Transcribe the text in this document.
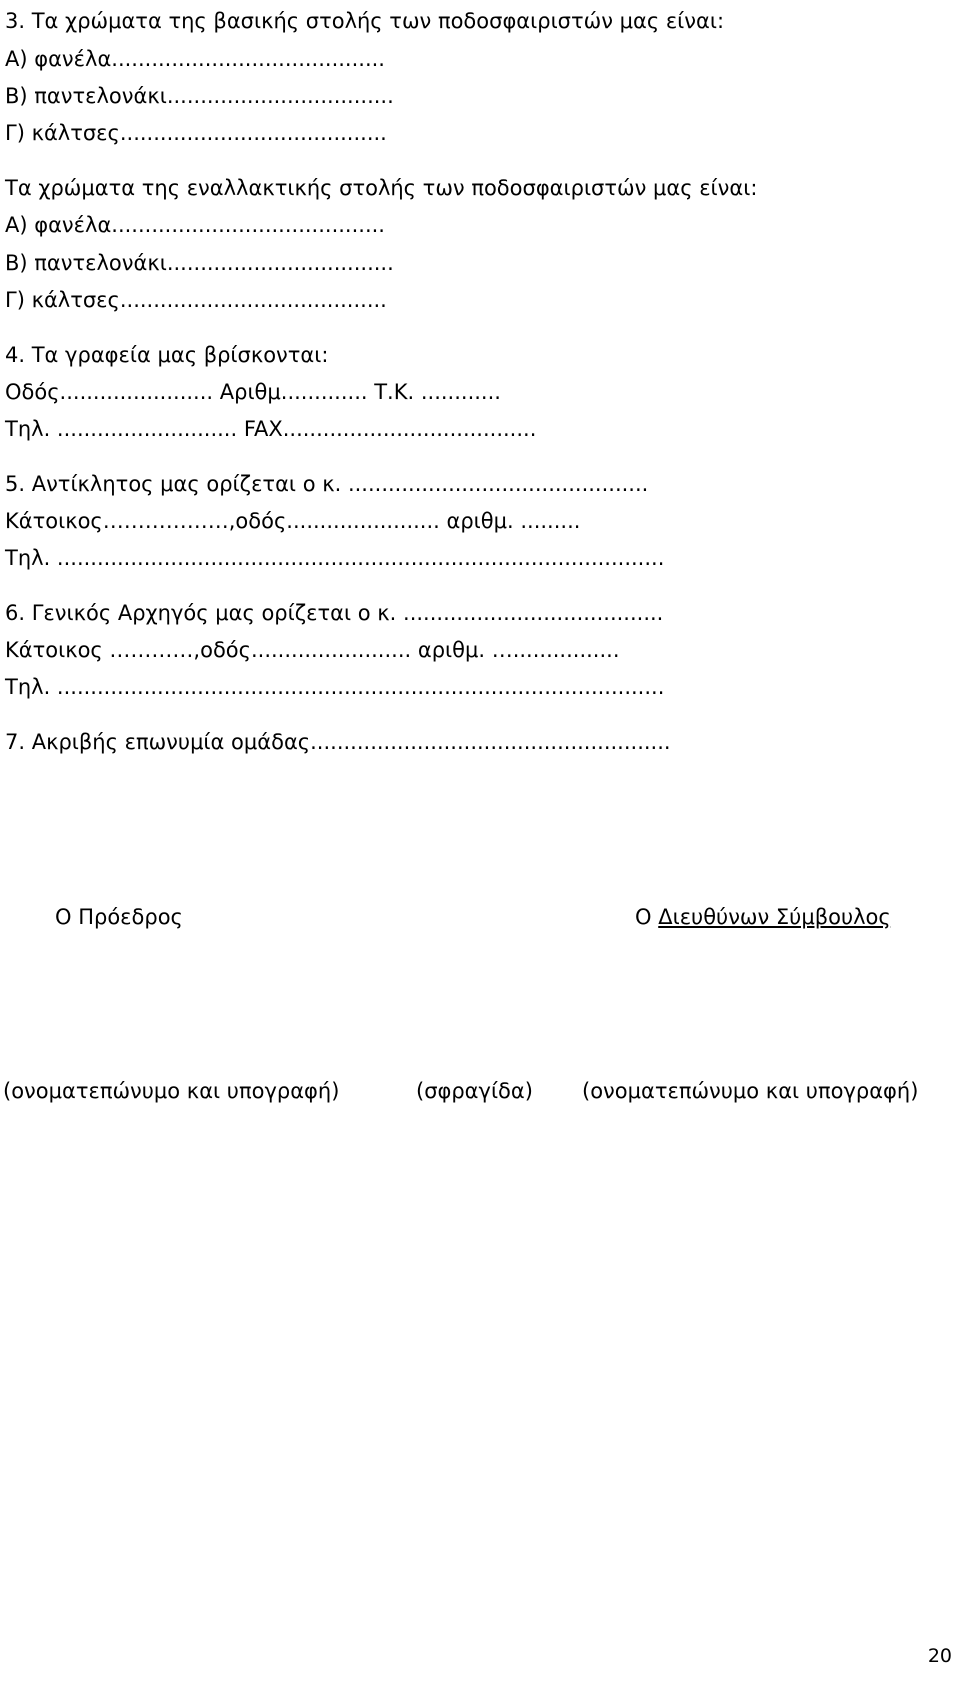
3. Τα χρώματα της βασικής στολής των ποδοσφαιριστών μας είναι:
Α) φανέλα.........................................
Β) παντελονάκι..................................
Γ) κάλτσες........................................
Τα χρώματα της εναλλακτικής στολής των ποδοσφαιριστών μας είναι:
Α) φανέλα.........................................
Β) παντελονάκι..................................
Γ) κάλτσες........................................
4. Τα γραφεία μας βρίσκονται:
Οδός....................... Αριθμ............. Τ.Κ. ............
Τηλ. ........................... FAX......................................
5. Αντίκλητος μας ορίζεται ο κ. .............................................
Κάτοικος………………,οδός....................... αριθμ. .........
Τηλ. ...........................................................................................
6. Γενικός Αρχηγός μας ορίζεται ο κ. .......................................
Κάτοικος …………,οδός........................ αριθμ. …................
Τηλ. ...........................................................................................
7. Ακριβής επωνυμία ομάδας......................................................
Ο Πρόεδρος	Ο Διευθύνων Σύμβουλος
(ονοματεπώνυμο και υπογραφή)	(σφραγίδα) (ονοματεπώνυμο και υπογραφή)
20
